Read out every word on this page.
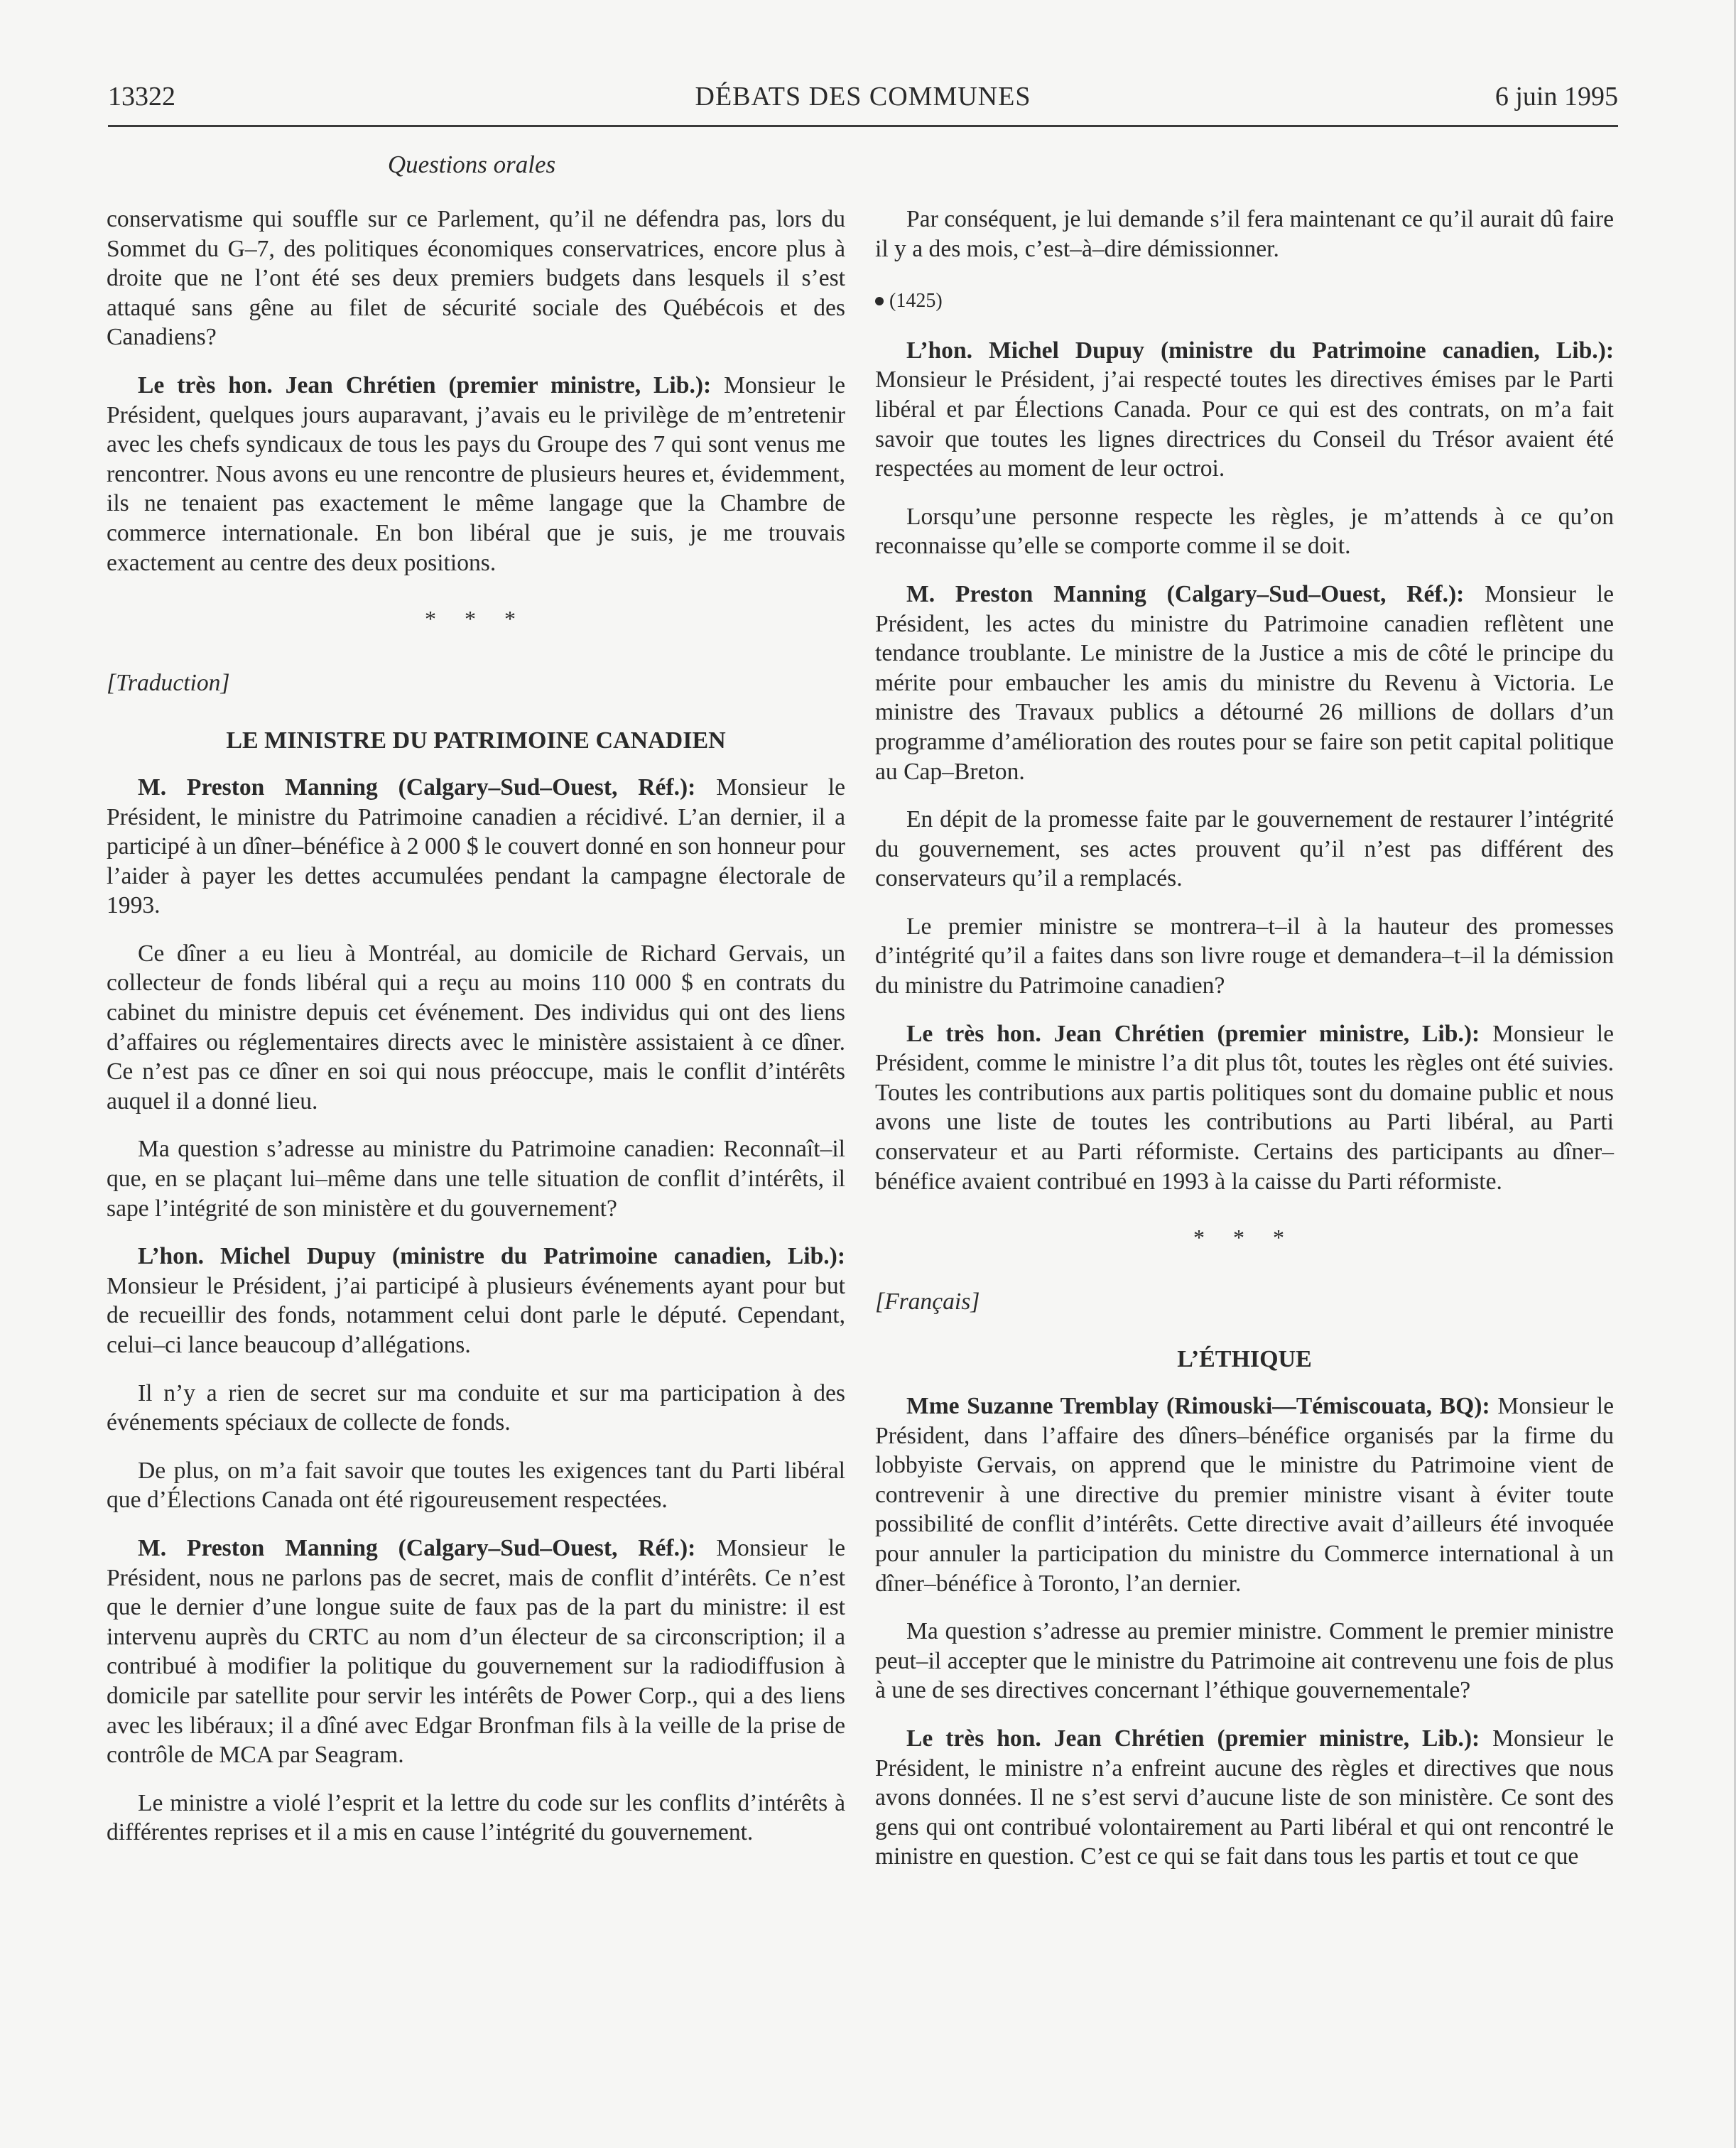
13322	DÉBATS DES COMMUNES	6 juin 1995
Questions orales

conservatisme qui souffle sur ce Parlement, qu’il ne défendra pas, lors du Sommet du G–7, des politiques économiques conservatrices, encore plus à droite que ne l’ont été ses deux premiers budgets dans lesquels il s’est attaqué sans gêne au filet de sécurité sociale des Québécois et des Canadiens?

Le très hon. Jean Chrétien (premier ministre, Lib.): Monsieur le Président, quelques jours auparavant, j’avais eu le privilège de m’entretenir avec les chefs syndicaux de tous les pays du Groupe des 7 qui sont venus me rencontrer. Nous avons eu une rencontre de plusieurs heures et, évidemment, ils ne tenaient pas exactement le même langage que la Chambre de commerce internationale. En bon libéral que je suis, je me trouvais exactement au centre des deux positions.

* * *

[Traduction]

LE MINISTRE DU PATRIMOINE CANADIEN

M. Preston Manning (Calgary–Sud–Ouest, Réf.): Monsieur le Président, le ministre du Patrimoine canadien a récidivé. L’an dernier, il a participé à un dîner–bénéfice à 2 000 $ le couvert donné en son honneur pour l’aider à payer les dettes accumulées pendant la campagne électorale de 1993.

Ce dîner a eu lieu à Montréal, au domicile de Richard Gervais, un collecteur de fonds libéral qui a reçu au moins 110 000 $ en contrats du cabinet du ministre depuis cet événement. Des individus qui ont des liens d’affaires ou réglementaires directs avec le ministère assistaient à ce dîner. Ce n’est pas ce dîner en soi qui nous préoccupe, mais le conflit d’intérêts auquel il a donné lieu.

Ma question s’adresse au ministre du Patrimoine canadien: Reconnaît–il que, en se plaçant lui–même dans une telle situation de conflit d’intérêts, il sape l’intégrité de son ministère et du gouvernement?

L’hon. Michel Dupuy (ministre du Patrimoine canadien, Lib.): Monsieur le Président, j’ai participé à plusieurs événements ayant pour but de recueillir des fonds, notamment celui dont parle le député. Cependant, celui–ci lance beaucoup d’allégations.

Il n’y a rien de secret sur ma conduite et sur ma participation à des événements spéciaux de collecte de fonds.

De plus, on m’a fait savoir que toutes les exigences tant du Parti libéral que d’Élections Canada ont été rigoureusement respectées.

M. Preston Manning (Calgary–Sud–Ouest, Réf.): Monsieur le Président, nous ne parlons pas de secret, mais de conflit d’intérêts. Ce n’est que le dernier d’une longue suite de faux pas de la part du ministre: il est intervenu auprès du CRTC au nom d’un électeur de sa circonscription; il a contribué à modifier la politique du gouvernement sur la radiodiffusion à domicile par satellite pour servir les intérêts de Power Corp., qui a des liens avec les libéraux; il a dîné avec Edgar Bronfman fils à la veille de la prise de contrôle de MCA par Seagram.

Le ministre a violé l’esprit et la lettre du code sur les conflits d’intérêts à différentes reprises et il a mis en cause l’intégrité du gouvernement.

Par conséquent, je lui demande s’il fera maintenant ce qu’il aurait dû faire il y a des mois, c’est–à–dire démissionner.

(1425)

L’hon. Michel Dupuy (ministre du Patrimoine canadien, Lib.): Monsieur le Président, j’ai respecté toutes les directives émises par le Parti libéral et par Élections Canada. Pour ce qui est des contrats, on m’a fait savoir que toutes les lignes directrices du Conseil du Trésor avaient été respectées au moment de leur octroi.

Lorsqu’une personne respecte les règles, je m’attends à ce qu’on reconnaisse qu’elle se comporte comme il se doit.

M. Preston Manning (Calgary–Sud–Ouest, Réf.): Monsieur le Président, les actes du ministre du Patrimoine canadien reflètent une tendance troublante. Le ministre de la Justice a mis de côté le principe du mérite pour embaucher les amis du ministre du Revenu à Victoria. Le ministre des Travaux publics a détourné 26 millions de dollars d’un programme d’amélioration des routes pour se faire son petit capital politique au Cap–Breton.

En dépit de la promesse faite par le gouvernement de restaurer l’intégrité du gouvernement, ses actes prouvent qu’il n’est pas différent des conservateurs qu’il a remplacés.

Le premier ministre se montrera–t–il à la hauteur des promesses d’intégrité qu’il a faites dans son livre rouge et demandera–t–il la démission du ministre du Patrimoine canadien?

Le très hon. Jean Chrétien (premier ministre, Lib.): Monsieur le Président, comme le ministre l’a dit plus tôt, toutes les règles ont été suivies. Toutes les contributions aux partis politiques sont du domaine public et nous avons une liste de toutes les contributions au Parti libéral, au Parti conservateur et au Parti réformiste. Certains des participants au dîner–bénéfice avaient contribué en 1993 à la caisse du Parti réformiste.

* * *

[Français]

L’ÉTHIQUE

Mme Suzanne Tremblay (Rimouski—Témiscouata, BQ): Monsieur le Président, dans l’affaire des dîners–bénéfice organisés par la firme du lobbyiste Gervais, on apprend que le ministre du Patrimoine vient de contrevenir à une directive du premier ministre visant à éviter toute possibilité de conflit d’intérêts. Cette directive avait d’ailleurs été invoquée pour annuler la participation du ministre du Commerce international à un dîner–bénéfice à Toronto, l’an dernier.

Ma question s’adresse au premier ministre. Comment le premier ministre peut–il accepter que le ministre du Patrimoine ait contrevenu une fois de plus à une de ses directives concernant l’éthique gouvernementale?

Le très hon. Jean Chrétien (premier ministre, Lib.): Monsieur le Président, le ministre n’a enfreint aucune des règles et directives que nous avons données. Il ne s’est servi d’aucune liste de son ministère. Ce sont des gens qui ont contribué volontairement au Parti libéral et qui ont rencontré le ministre en question. C’est ce qui se fait dans tous les partis et tout ce que
